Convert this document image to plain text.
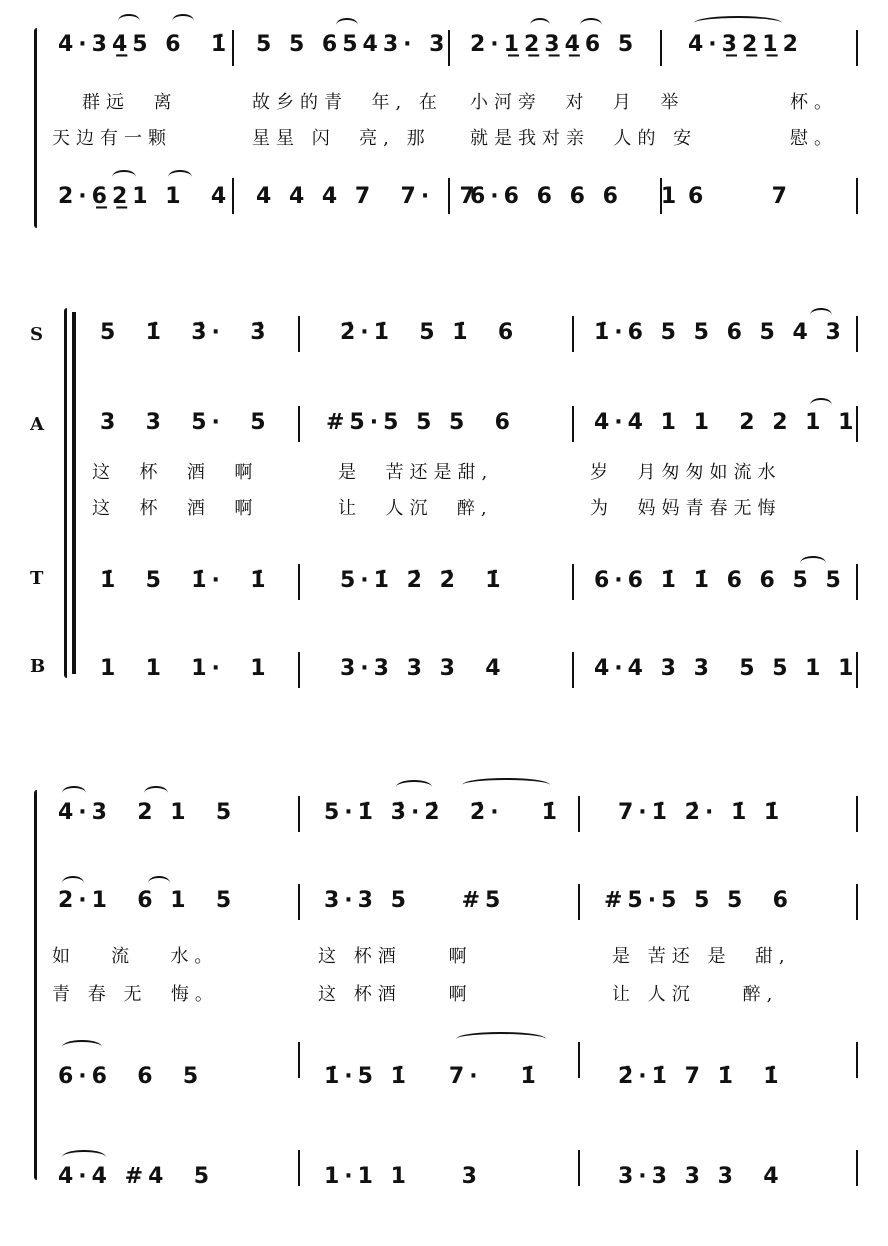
4·34̲̲5 6  1̇ 5 5 6543· 3 2·1̲2̲3̲4̲6 5 4·3̲2̲1̲2
群远  离	故乡的青  年, 在 小河旁  对  月  举	杯。
天边有一颗	星星 闪  亮, 那 就是我对亲  人的 安	慰。
2·6̲2̲1 1  4 4 4 4 7  7·  7
6·6 6 6 6   1 6     7
S
A
T
B
5  1̇  3̇·  3̇	2̇·1̇  5 1̇  6	1̇·6 5 5 6 5 4 3
3  3  5·  5	#5·5 5 5  6	4·4 1 1  2 2 1 1
这  杯  酒  啊	是  苦还是甜,	岁  月匆匆如流水
这  杯  酒  啊	让  人沉  醉,	为  妈妈青春无悔
1̇  5  1̇·  1̇	5·1̇ 2̇ 2̇  1̇	6·6 1̇ 1̇ 6 6 5 5
1  1  1·  1	3·3 3 3  4	4·4 3 3  5 5 1 1
4·3  2 1  5	5·1̇ 3̇·2̇  2̇·   1̇	7·1̇ 2̇· 1̇ 1̇
2·1  6 1  5	3·3 5    #5	#5·5 5 5  6
如   流   水。	这 杯酒    啊	是 苦还 是  甜,
青 春 无  悔。	这 杯酒    啊	让 人沉    醉,
6·6  6  5	1̇·5 1̇   7·   1̇	2̇·1̇ 7 1̇  1̇
4·4 #4  5	1·1 1    3	3·3 3 3  4
